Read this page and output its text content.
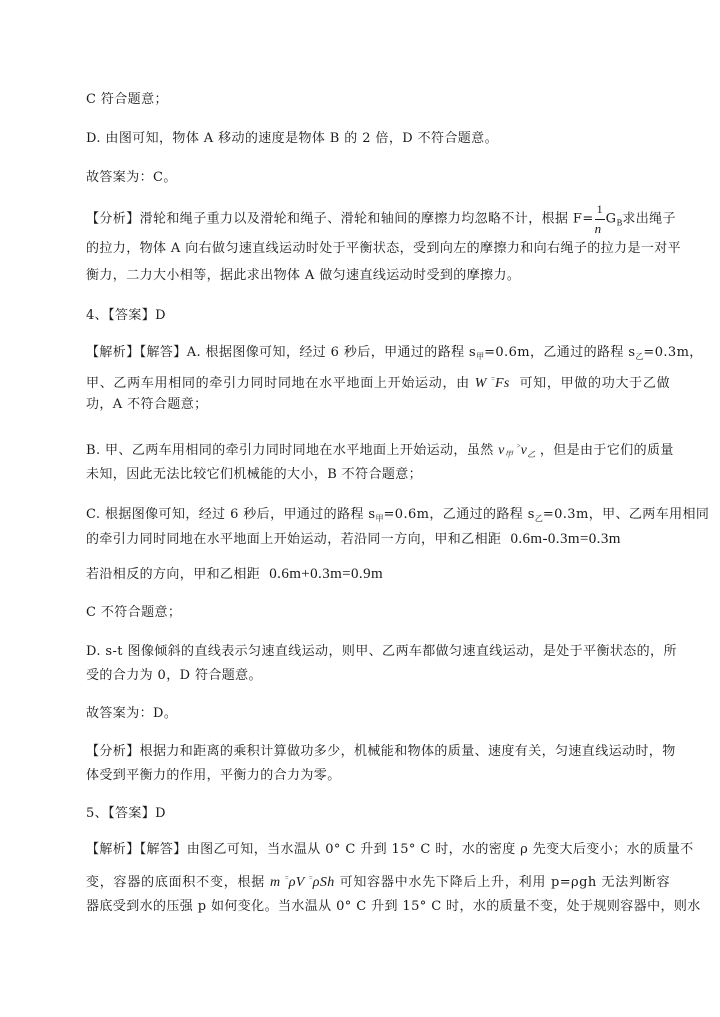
C 符合题意；
D. 由图可知，物体 A 移动的速度是物体 B 的 2 倍，D 不符合题意。
故答案为：C。
【分析】滑轮和绳子重力以及滑轮和绳子、滑轮和轴间的摩擦力均忽略不计，根据 $F= \frac{1}{n} G_B$求出绳子
的拉力，物体 A 向右做匀速直线运动时处于平衡状态，受到向左的摩擦力和向右绳子的拉力是一对平
衡力，二力大小相等，据此求出物体 A 做匀速直线运动时受到的摩擦力。
4、【答案】D
【解析】【解答】A. 根据图像可知，经过 6 秒后，甲通过的路程 $s_甲=0.6m$，乙通过的路程 $s_乙=0.3m$，
甲、乙两车用相同的牵引力同时同地在水平地面上开始运动，由 W =Fs 可知，甲做的功大于乙做
功，A 不符合题意；
B. 甲、乙两车用相同的牵引力同时同地在水平地面上开始运动，虽然 $v_甲$ $^>v_乙$ ，但是由于它们的质量
未知，因此无法比较它们机械能的大小，B 不符合题意；
C. 根据图像可知，经过 6 秒后，甲通过的路程 $s_甲=0.6m$，乙通过的路程 $s_乙=0.3m$，甲、乙两车用相同
的牵引力同时同地在水平地面上开始运动，若沿同一方向，甲和乙相距 0.6m-0.3m=0.3m
若沿相反的方向，甲和乙相距 0.6m+0.3m=0.9m
C 不符合题意；
D. s-t 图像倾斜的直线表示匀速直线运动，则甲、乙两车都做匀速直线运动，是处于平衡状态的，所
受的合力为 0，D 符合题意。
故答案为：D。
【分析】根据力和距离的乘积计算做功多少，机械能和物体的质量、速度有关，匀速直线运动时，物
体受到平衡力的作用，平衡力的合力为零。
5、【答案】D
【解析】【解答】由图乙可知，当水温从 0° C 升到 15° C 时，水的密度 ρ 先变大后变小；水的质量不
变，容器的底面积不变，根据 m =ρV =ρSh 可知容器中水先下降后上升，利用 p=ρgh 无法判断容
器底受到水的压强 p 如何变化。当水温从 0° C 升到 15° C 时，水的质量不变，处于规则容器中，则水
